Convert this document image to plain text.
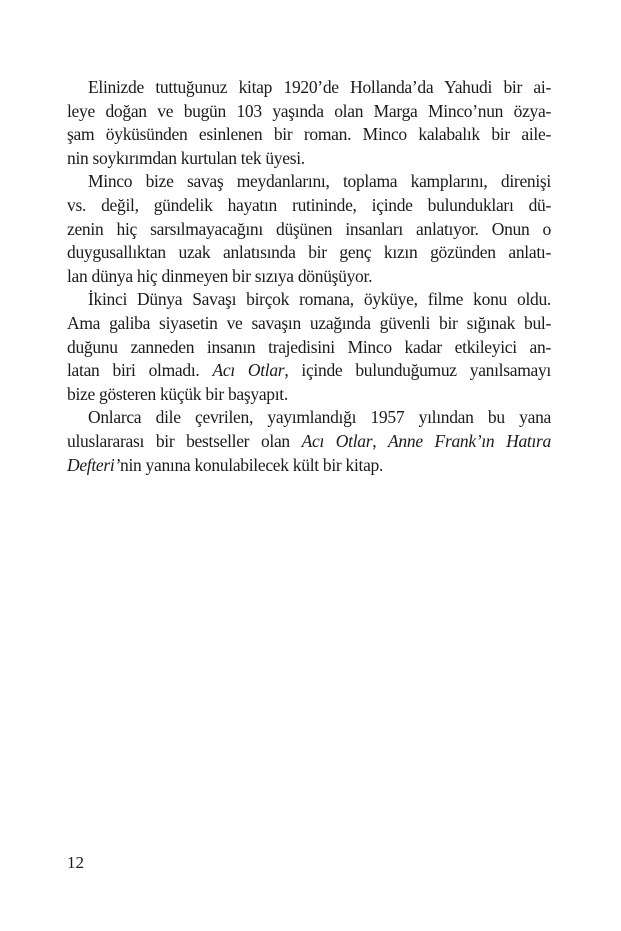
Elinizde tuttuğunuz kitap 1920’de Hollanda’da Yahudi bir ai-
leye doğan ve bugün 103 yaşında olan Marga Minco’nun özya-
şam öyküsünden esinlenen bir roman. Minco kalabalık bir aile-
nin soykırımdan kurtulan tek üyesi.
Minco bize savaş meydanlarını, toplama kamplarını, direnişi
vs. değil, gündelik hayatın rutininde, içinde bulundukları dü-
zenin hiç sarsılmayacağını düşünen insanları anlatıyor. Onun o
duygusallıktan uzak anlatısında bir genç kızın gözünden anlatı-
lan dünya hiç dinmeyen bir sızıya dönüşüyor.
İkinci Dünya Savaşı birçok romana, öyküye, filme konu oldu.
Ama galiba siyasetin ve savaşın uzağında güvenli bir sığınak bul-
duğunu zanneden insanın trajedisini Minco kadar etkileyici an-
latan biri olmadı. Acı Otlar, içinde bulunduğumuz yanılsamayı
bize gösteren küçük bir başyapıt.
Onlarca dile çevrilen, yayımlandığı 1957 yılından bu yana
uluslararası bir bestseller olan Acı Otlar, Anne Frank’ın Hatıra
Defteri’nin yanına konulabilecek kült bir kitap.
12
